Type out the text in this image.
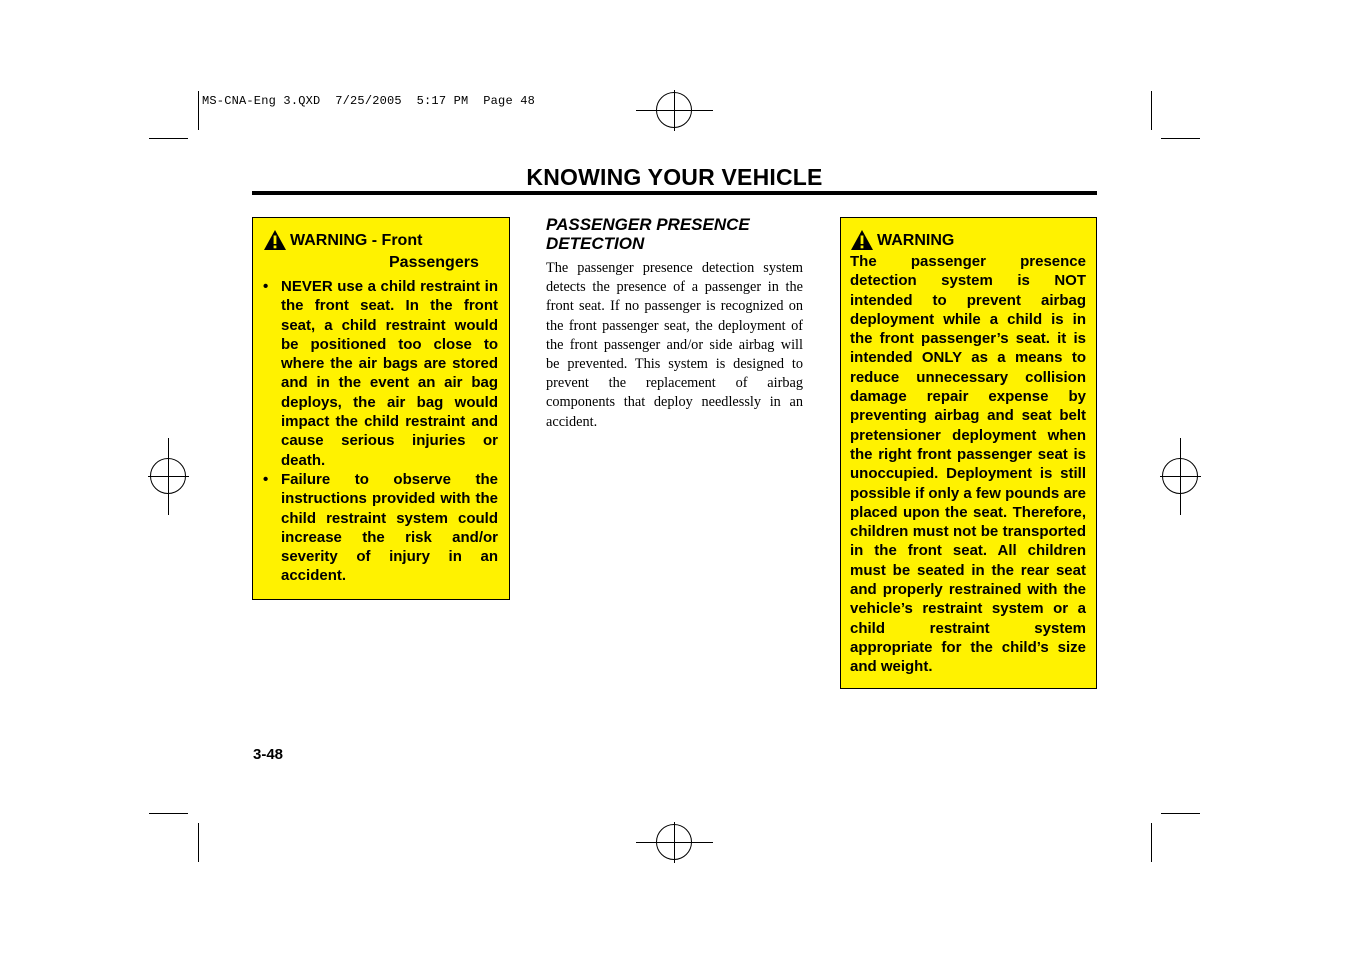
MS-CNA-Eng 3.QXD  7/25/2005  5:17 PM  Page 48
KNOWING YOUR VEHICLE
WARNING - Front
Passengers
• NEVER use a child restraint in the front seat. In the front seat, a child restraint would be positioned too close to where the air bags are stored and in the event an air bag deploys, the air bag would impact the child restraint and cause serious injuries or death.
• Failure to observe the instructions provided with the child restraint system could increase the risk and/or severity of injury in an accident.
PASSENGER PRESENCE DETECTION
The passenger presence detection system detects the presence of a passenger in the front seat. If no passenger is recognized on the front passenger seat, the deployment of the front passenger and/or side airbag will be prevented. This system is designed to prevent the replacement of airbag components that deploy needlessly in an accident.
WARNING
The passenger presence detection system is NOT intended to prevent airbag deployment while a child is in the front passenger’s seat. it is intended ONLY as a means to reduce unnecessary collision damage repair expense by preventing airbag and seat belt pretensioner deployment when the right front passenger seat is unoccupied. Deployment is still possible if only a few pounds are placed upon the seat. Therefore, children must not be transported in the front seat. All children must be seated in the rear seat and properly restrained with the vehicle’s restraint system or a child restraint system appropriate for the child’s size and weight.
3-48
